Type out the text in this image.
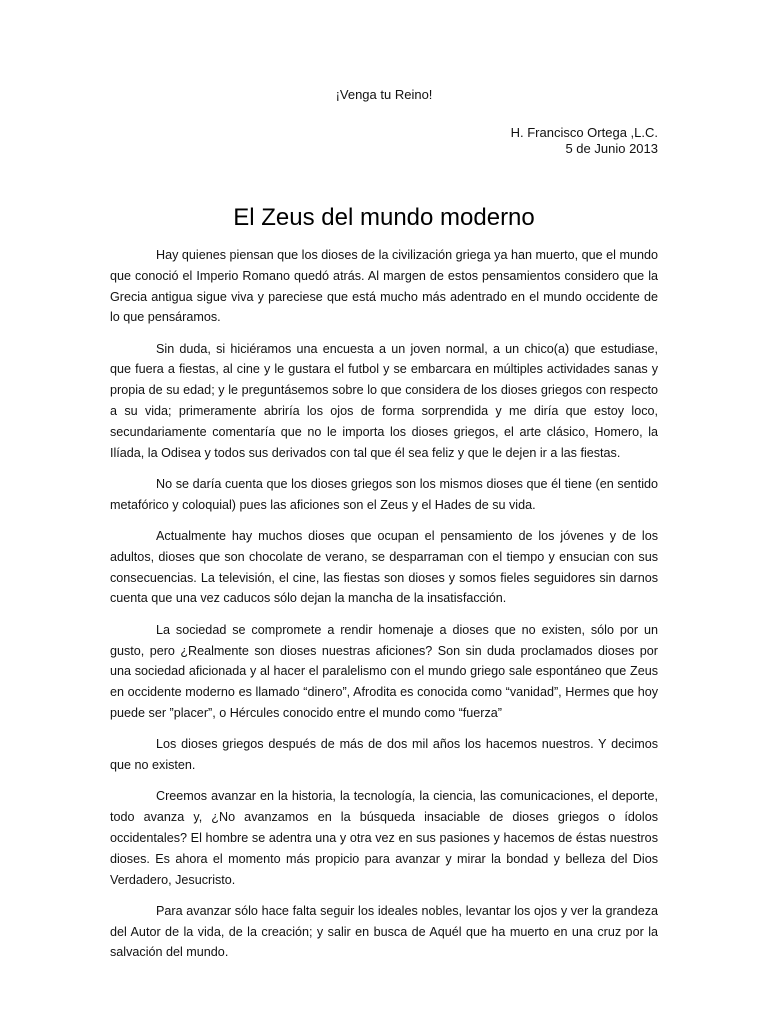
¡Venga tu Reino!

H. Francisco Ortega ,L.C.
5 de Junio 2013
El Zeus del mundo moderno

Hay quienes piensan que los dioses de la civilización griega ya han muerto, que el mundo que conoció el Imperio Romano quedó atrás. Al margen de estos pensamientos considero que la Grecia antigua sigue viva y pareciese que está mucho más adentrado en el mundo occidente de lo que pensáramos.

Sin duda, si hiciéramos una encuesta a un joven normal, a un chico(a) que estudiase, que fuera a fiestas, al cine y le gustara el futbol y se embarcara en múltiples actividades sanas y propia de su edad; y le preguntásemos sobre lo que considera de los dioses griegos con respecto a su vida; primeramente abriría los ojos de forma sorprendida y me diría que estoy loco, secundariamente comentaría que no le importa los dioses griegos, el arte clásico, Homero, la Ilíada, la Odisea y todos sus derivados con tal que él sea feliz y que le dejen ir a las fiestas.

No se daría cuenta que los dioses griegos son los mismos dioses que él tiene (en sentido metafórico y coloquial) pues las aficiones son el Zeus y el Hades de su vida.

Actualmente hay muchos dioses que ocupan el pensamiento de los jóvenes y de los adultos, dioses que son chocolate de verano, se desparraman con el tiempo y ensucian con sus consecuencias. La televisión, el cine, las fiestas son dioses y somos fieles seguidores sin darnos cuenta que una vez caducos sólo dejan la mancha de la insatisfacción.

La sociedad se compromete a rendir homenaje a dioses que no existen, sólo por un gusto, pero ¿Realmente son dioses nuestras aficiones? Son sin duda proclamados dioses por una sociedad aficionada y al hacer el paralelismo con el mundo griego sale espontáneo que Zeus en occidente moderno es llamado “dinero”, Afrodita es conocida como “vanidad”, Hermes que hoy puede ser ”placer”, o Hércules conocido entre el mundo como “fuerza”

Los dioses griegos después de más de dos mil años los hacemos nuestros. Y decimos que no existen.

Creemos avanzar en la historia, la tecnología, la ciencia, las comunicaciones, el deporte, todo avanza y, ¿No avanzamos en la búsqueda insaciable de dioses griegos o ídolos occidentales? El hombre se adentra una y otra vez en sus pasiones y hacemos de éstas nuestros dioses. Es ahora el momento más propicio para avanzar y mirar la bondad y belleza del Dios Verdadero, Jesucristo.

Para avanzar sólo hace falta seguir los ideales nobles, levantar los ojos y ver la grandeza del Autor de la vida, de la creación; y salir en busca de Aquél que ha muerto en una cruz por la salvación del mundo.
